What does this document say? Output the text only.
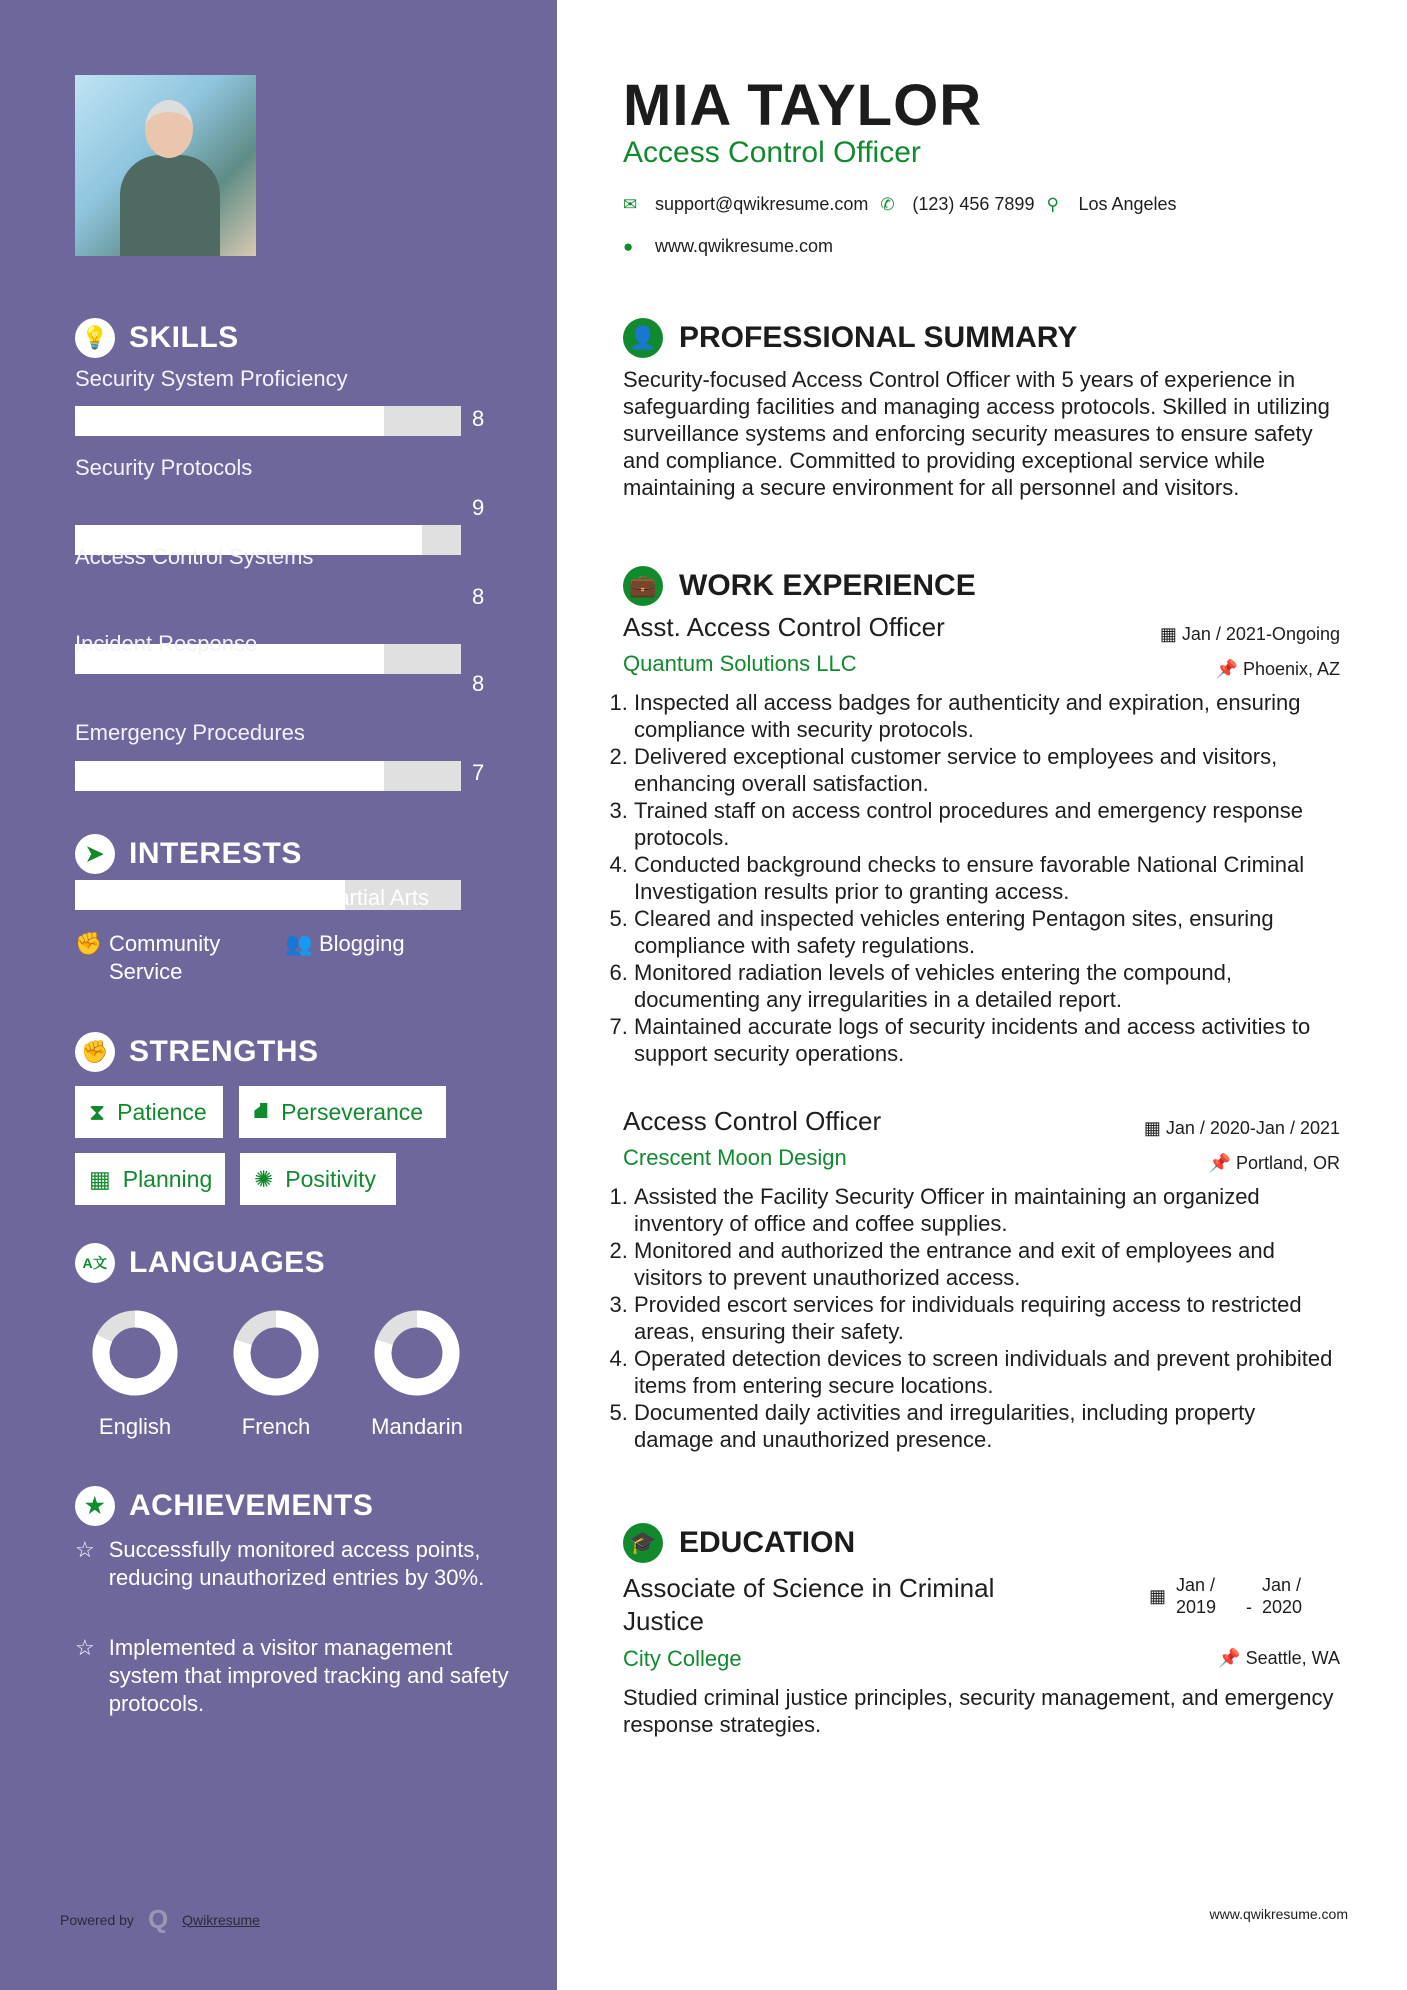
💡 SKILLS
Security System Proficiency
8
Security Protocols
9
Access Control Systems
8
Incident Response
8
Emergency Procedures
7
➤ INTERESTS
★ Surfing	◕ Martial Arts
✊ Community Service
👥 Blogging
✊ STRENGTHS
⧗ Patience ⛘ Perseverance
▦ Planning ✺ Positivity
A文 LANGUAGES
English	French	Mandarin
★ ACHIEVEMENTS
☆ Successfully monitored access points, reducing unauthorized entries by 30%.
☆ Implemented a visitor management system that improved tracking and safety protocols.
Powered by Q Qwikresume
MIA TAYLOR
Access Control Officer
✉ support@qwikresume.com ✆ (123) 456 7899 ⚲	Los Angeles
●	www.qwikresume.com
👤 PROFESSIONAL SUMMARY
Security-focused Access Control Officer with 5 years of experience in safeguarding facilities and managing access protocols. Skilled in utilizing surveillance systems and enforcing security measures to ensure safety and compliance. Committed to providing exceptional service while maintaining a secure environment for all personnel and visitors.
💼 WORK EXPERIENCE
Asst. Access Control Officer
Quantum Solutions LLC
▦ Jan / 2021-Ongoing
📌 Phoenix, AZ
1. Inspected all access badges for authenticity and expiration, ensuring compliance with security protocols.
2. Delivered exceptional customer service to employees and visitors, enhancing overall satisfaction.
3. Trained staff on access control procedures and emergency response protocols.
4. Conducted background checks to ensure favorable National Criminal Investigation results prior to granting access.
5. Cleared and inspected vehicles entering Pentagon sites, ensuring compliance with safety regulations.
6. Monitored radiation levels of vehicles entering the compound, documenting any irregularities in a detailed report.
7. Maintained accurate logs of security incidents and access activities to support security operations.
Access Control Officer
Crescent Moon Design
▦ Jan / 2020-Jan / 2021
📌 Portland, OR
1. Assisted the Facility Security Officer in maintaining an organized inventory of office and coffee supplies.
2. Monitored and authorized the entrance and exit of employees and visitors to prevent unauthorized access.
3. Provided escort services for individuals requiring access to restricted areas, ensuring their safety.
4. Operated detection devices to screen individuals and prevent prohibited items from entering secure locations.
5. Documented daily activities and irregularities, including property damage and unauthorized presence.
🎓 EDUCATION
Associate of Science in Criminal Justice
City College
▦
Jan / 2019	-
Jan / 2020
📌 Seattle, WA
Studied criminal justice principles, security management, and emergency response strategies.
www.qwikresume.com
